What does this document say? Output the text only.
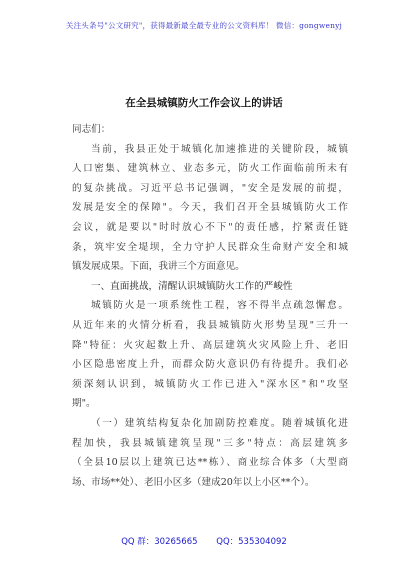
关注头条号"公文研究"，获得最新最全最专业的公文资料库！ 微信：gongwenyj
在全县城镇防火工作会议上的讲话
同志们：
当前，我县正处于城镇化加速推进的关键阶段，城镇
人口密集、建筑林立、业态多元，防火工作面临前所未有
的复杂挑战。习近平总书记强调，"安全是发展的前提，
发展是安全的保障"。今天，我们召开全县城镇防火工作
会议，就是要以"时时放心不下"的责任感，拧紧责任链
条，筑牢安全堤坝，全力守护人民群众生命财产安全和城
镇发展成果。下面，我讲三个方面意见。
一、直面挑战，清醒认识城镇防火工作的严峻性
城镇防火是一项系统性工程，容不得半点疏忽懈怠。
从近年来的火情分析看，我县城镇防火形势呈现"三升一
降"特征：火灾起数上升、高层建筑火灾风险上升、老旧
小区隐患密度上升，而群众防火意识仍有待提升。我们必
须深刻认识到，城镇防火工作已进入"深水区"和"攻坚
期"。
（一）建筑结构复杂化加剧防控难度。随着城镇化进
程加快，我县城镇建筑呈现"三多"特点：高层建筑多
（全县10层以上建筑已达**栋）、商业综合体多（大型商
场、市场**处）、老旧小区多（建成20年以上小区**个）。
QQ 群：30265665 QQ：535304092
